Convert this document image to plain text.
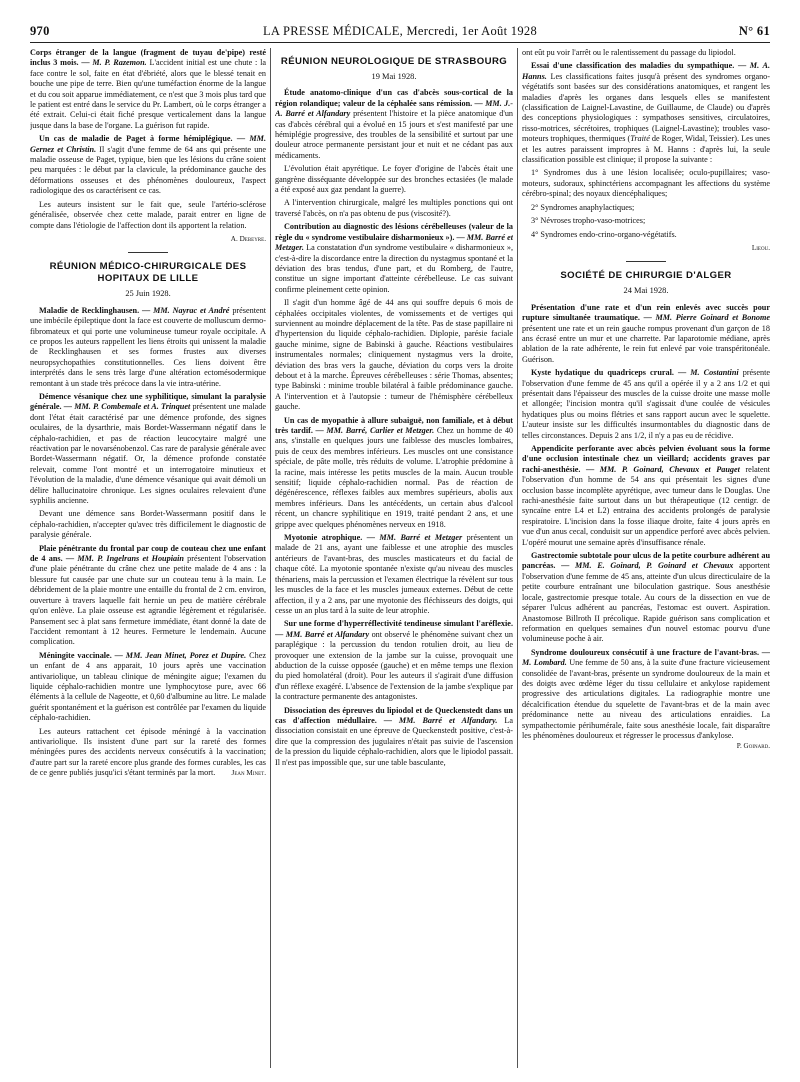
970	LA PRESSE MÉDICALE, Mercredi, 1er Août 1928	N° 61

Corps étranger de la langue (fragment de tuyau de'pipe) resté inclus 3 mois. — M. P. Razemon. L'accident initial est une chute : la face contre le sol, faite en état d'ébriété, alors que le blessé tenait en bouche une pipe de terre. Bien qu'une tuméfaction énorme de la langue et du cou soit apparue immédiatement, ce n'est que 3 mois plus tard que le patient est entré dans le service du Pr. Lambert, où le corps étranger a été extrait. Celui-ci était fiché presque verticalement dans la langue jusque dans la base de l'organe. La guérison fut rapide.

Un cas de maladie de Paget à forme hémiplégique. — MM. Gernez et Christin. Il s'agit d'une femme de 64 ans qui présente une maladie osseuse de Paget, typique, bien que les lésions du crâne soient peu marquées : le début par la clavicule, la prédominance gauche des déformations osseuses et des phénomènes douloureux, l'aspect radiologique des os caractérisent ce cas.

Les auteurs insistent sur le fait que, seule l'artério-sclérose généralisée, observée chez cette malade, parait entrer en ligne de compte dans l'étiologie de l'affection dont ils apportent la relation.

A. Debeyre.

RÉUNION MÉDICO-CHIRURGICALE DES HOPITAUX DE LILLE
25 Juin 1928.

Maladie de Recklinghausen. — MM. Nayrac et André présentent une imbécile épileptique dont la face est couverte de molluscum dermo-fibromateux et qui porte une volumineuse tumeur royale occipitale. A ce propos les auteurs rappellent les liens étroits qui unissent la maladie de Recklinghausen et ses formes frustes aux diverses neuropsychopathies constitutionnelles. Ces liens doivent être interprétés dans le sens très large d'une altération ectomésodermique remontant à un stade très précoce dans la vie intra-utérine.

Démence vésanique chez une syphilitique, simulant la paralysie générale. — MM. P. Combemale et A. Trinquet présentent une malade dont l'état était caractérisé par une démence profonde, des signes oculaires, de la dysarthrie, mais Bordet-Wassermann négatif dans le céphalo-rachidien, et pas de réaction leucocytaire malgré une réactivation par le novarsénobenzol. Cas rare de paralysie générale avec Bordet-Wassermann négatif. Or, la démence profonde constatée relevait, comme l'ont montré et un interrogatoire minutieux et l'évolution de la maladie, d'une démence vésanique qui avait démoli un délire hallucinatoire chronique. Les signes oculaires relevaient d'une syphilis ancienne.

Devant une démence sans Bordet-Wassermann positif dans le céphalo-rachidien, n'accepter qu'avec très difficilement le diagnostic de paralysie générale.

Plaie pénétrante du frontal par coup de couteau chez une enfant de 4 ans. — MM. P. Ingelrans et Houpiain présentent l'observation d'une plaie pénétrante du crâne chez une petite malade de 4 ans : la blessure fut causée par une chute sur un couteau tenu à la main. Le débridement de la plaie montre une entaille du frontal de 2 cm. environ, ouverture à travers laquelle fait hernie un peu de matière cérébrale qu'on enlève. La plaie osseuse est agrandie légèrement et régularisée. Pansement sec à plat sans fermeture immédiate, étant donné la date de l'accident remontant à 12 heures. Fermeture le lendemain. Aucune complication.

Méningite vaccinale. — MM. Jean Minet, Porez et Dupire. Chez un enfant de 4 ans apparait, 10 jours après une vaccination antivariolique, un tableau clinique de méningite aigue; l'examen du liquide céphalo-rachidien montre une lymphocytose pure, avec 66 éléments à la cellule de Nageotte, et 0,60 d'albumine au litre. Le malade guérit spontanément et la guérison est contrôlée par l'examen du liquide céphalo-rachidien.

Les auteurs rattachent cet épisode méningé à la vaccination antivariolique. Ils insistent d'une part sur la rareté des formes méningées pures des accidents nerveux consécutifs à la vaccination; d'autre part sur la rareté encore plus grande des formes curables, les cas de ce genre publiés jusqu'ici s'étant terminés par la mort.	Jean Minet.

RÉUNION NEUROLOGIQUE DE STRASBOURG
19 Mai 1928.

Étude anatomo-clinique d'un cas d'abcès sous-cortical de la région rolandique; valeur de la céphalée sans rémission. — MM. J.-A. Barré et Alfandary présentent l'histoire et la pièce anatomique d'un cas d'abcès cérébral qui a évolué en 15 jours et s'est manifesté par une hémiplégie progressive, des troubles de la sensibilité et surtout par une douleur atroce permanente persistant jour et nuit et ne cédant pas aux médicaments.

L'évolution était apyrétique. Le foyer d'origine de l'abcès était une gangrène disséquante développée sur des bronches ectasiées (le malade a été exposé aux gaz pendant la guerre).

A l'intervention chirurgicale, malgré les multiples ponctions qui ont traversé l'abcès, on n'a pas obtenu de pus (viscosité?).

Contribution au diagnostic des lésions cérébelleuses (valeur de la règle du « syndrome vestibulaire disharmonieux »). — MM. Barré et Metzger. La constatation d'un syndrome vestibulaire « disharmonieux », c'est-à-dire la discordance entre la direction du nystagmus spontané et la déviation des bras tendus, d'une part, et du Romberg, de l'autre, constitue un signe important d'atteinte cérébelleuse. Le cas suivant confirme pleinement cette opinion.

Il s'agit d'un homme âgé de 44 ans qui souffre depuis 6 mois de céphalées occipitales violentes, de vomissements et de vertiges qui surviennent au moindre déplacement de la tête. Pas de stase papillaire ni d'hypertension du liquide céphalo-rachidien. Diplopie, parésie faciale gauche minime, signe de Babinski à gauche. Réactions vestibulaires instrumentales normales; cliniquement nystagmus vers la droite, déviation des bras vers la gauche, déviation du corps vers la droite debout et à la marche. Épreuves cérébelleuses : série Thomas, absentes; type Babinski : minime trouble bilatéral à faible prédominance gauche. A l'intervention et à l'autopsie : tumeur de l'hémisphère cérébelleux gauche.

Un cas de myopathie à allure subaiguë, non familiale, et à début très tardif. — MM. Barré, Carlier et Metzger. Chez un homme de 40 ans, s'installe en quelques jours une faiblesse des muscles lombaires, puis de ceux des membres inférieurs. Les muscles ont une consistance spéciale, de pâte molle, très réduits de volume. L'atrophie prédomine à la racine, mais intéresse les petits muscles de la main. Aucun trouble sensitif; liquide céphalo-rachidien normal. Pas de réaction de dégénérescence, réflexes faibles aux membres supérieurs, abolis aux membres inférieurs. Dans les antécédents, un certain abus d'alcool récent, un chancre syphilitique en 1919, traité pendant 2 ans, et une grippe avec quelques phénomènes nerveux en 1918.

Myotonie atrophique. — MM. Barré et Metzger présentent un malade de 21 ans, ayant une faiblesse et une atrophie des muscles antérieurs de l'avant-bras, des muscles masticateurs et du facial de chaque côté. La myotonie spontanée n'existe qu'au niveau des muscles thénariens, mais la percussion et l'examen électrique la révèlent sur tous les muscles de la face et les muscles jumeaux externes. Début de cette affection, il y a 2 ans, par une myotonie des fléchisseurs des doigts, qui cesse un an plus tard à la suite de leur atrophie.

Sur une forme d'hyperréflectivité tendineuse simulant l'aréflexie. — MM. Barré et Alfandary ont observé le phénomène suivant chez un paraplégique : la percussion du tendon rotulien droit, au lieu de provoquer une extension de la jambe sur la cuisse, provoquait une abduction de la cuisse opposée (gauche) et en même temps une flexion du pied homolatéral (droit). Pour les auteurs il s'agirait d'une diffusion d'un réflexe exagéré. L'absence de l'extension de la jambe s'explique par la contracture permanente des antagonistes.

Dissociation des épreuves du lipiodol et de Queckenstedt dans un cas d'affection médullaire. — MM. Barré et Alfandary. La dissociation consistait en une épreuve de Queckenstedt positive, c'est-à-dire que la compression des jugulaires n'était pas suivie de l'ascension de la pression du liquide céphalo-rachidien, alors que le lipiodol passait. Il n'est pas impossible que, sur une table basculante,

ont eût pu voir l'arrêt ou le ralentissement du passage du lipiodol.

Essai d'une classification des maladies du sympathique. — M. A. Hanns. Les classifications faites jusqu'à présent des syndromes organo-végétatifs sont basées sur des considérations anatomiques, et rangent les maladies d'après les organes dans lesquels elles se manifestent (classification de Laignel-Lavastine, de Guillaume, de Claude) ou d'après des conceptions physiologiques : sympathoses sensitives, circulatoires, risso-motrices, sécrétoires, trophiques (Laignel-Lavastine); troubles vaso-moteurs trophiques, thermiques (Traité de Roger, Widal, Teissier). Les unes et les autres paraissent impropres à M. Hanns : d'après lui, la seule classification possible est clinique; il propose la suivante :

1° Syndromes dus à une lésion localisée; oculo-pupillaires; vaso-moteurs, sudoraux, sphinctériens accompagnant les affections du système cérébro-spinal; des noyaux diencéphaliques;

2° Syndromes anaphylactiques;

3° Névroses tropho-vaso-motrices;

4° Syndromes endo-crino-organo-végétatifs.

Lieou.

SOCIÉTÉ DE CHIRURGIE D'ALGER
24 Mai 1928.

Présentation d'une rate et d'un rein enlevés avec succès pour rupture simultanée traumatique. — MM. Pierre Goinard et Bonome présentent une rate et un rein gauche rompus provenant d'un garçon de 18 ans écrasé entre un mur et une charrette. Par laparotomie médiane, après ablation de la rate adhérente, le rein fut enlevé par voie transpéritonéale. Guérison.

Kyste hydatique du quadriceps crural. — M. Costantini présente l'observation d'une femme de 45 ans qu'il a opérée il y a 2 ans 1/2 et qui présentait dans l'épaisseur des muscles de la cuisse droite une masse molle et allongée; l'incision montra qu'il s'agissait d'une coulée de vésicules hydatiques plus ou moins flétries et sans rapport aucun avec le squelette. L'auteur insiste sur les difficultés insurmontables du diagnostic dans de telles circonstances. Depuis 2 ans 1/2, il n'y a pas eu de récidive.

Appendicite perforante avec abcès pelvien évoluant sous la forme d'une occlusion intestinale chez un vieillard; accidents graves par rachi-anesthésie. — MM. P. Goinard, Chevaux et Pauget relatent l'observation d'un homme de 54 ans qui présentait les signes d'une occlusion basse incomplète apyrétique, avec tumeur dans le Douglas. Une rachi-anesthésie faite surtout dans un but thérapeutique (12 centigr. de syncaïne entre L4 et L2) entraina des accidents prolongés de paralysie respiratoire. L'incision dans la fosse iliaque droite, faite 4 jours après en vue d'un anus cecal, conduisit sur un appendice perforé avec abcès pelvien. L'opéré mourut une semaine après d'insuffisance rénale.

Gastrectomie subtotale pour ulcus de la petite courbure adhérent au pancréas. — MM. E. Goinard, P. Goinard et Chevaux apportent l'observation d'une femme de 45 ans, atteinte d'un ulcus directiculaire de la petite courbure entraînant une biloculation gastrique. Sous anesthésie locale, gastrectomie presque totale. Au cours de la dissection en vue de séparer l'ulcus adhérent au pancréas, l'estomac est ouvert. Aspiration. Anastomose Billroth II précolique. Rapide guérison sans complication et reformation en quelques semaines d'un nouvel estomac pourvu d'une volumineuse poche à air.

Syndrome douloureux consécutif à une fracture de l'avant-bras. — M. Lombard. Une femme de 50 ans, à la suite d'une fracture vicieusement consolidée de l'avant-bras, présente un syndrome douloureux de la main et des doigts avec œdème léger du tissu cellulaire et ankylose rapidement progressive des articulations digitales. La radiographie montre une décalcification étendue du squelette de l'avant-bras et de la main avec prédominance nette au niveau des articulations enraidies. La sympathectomie périhumérale, faite sous anesthésie locale, fait disparaître les phénomènes douloureux et régresser le processus d'ankylose.
P. Goinard.
